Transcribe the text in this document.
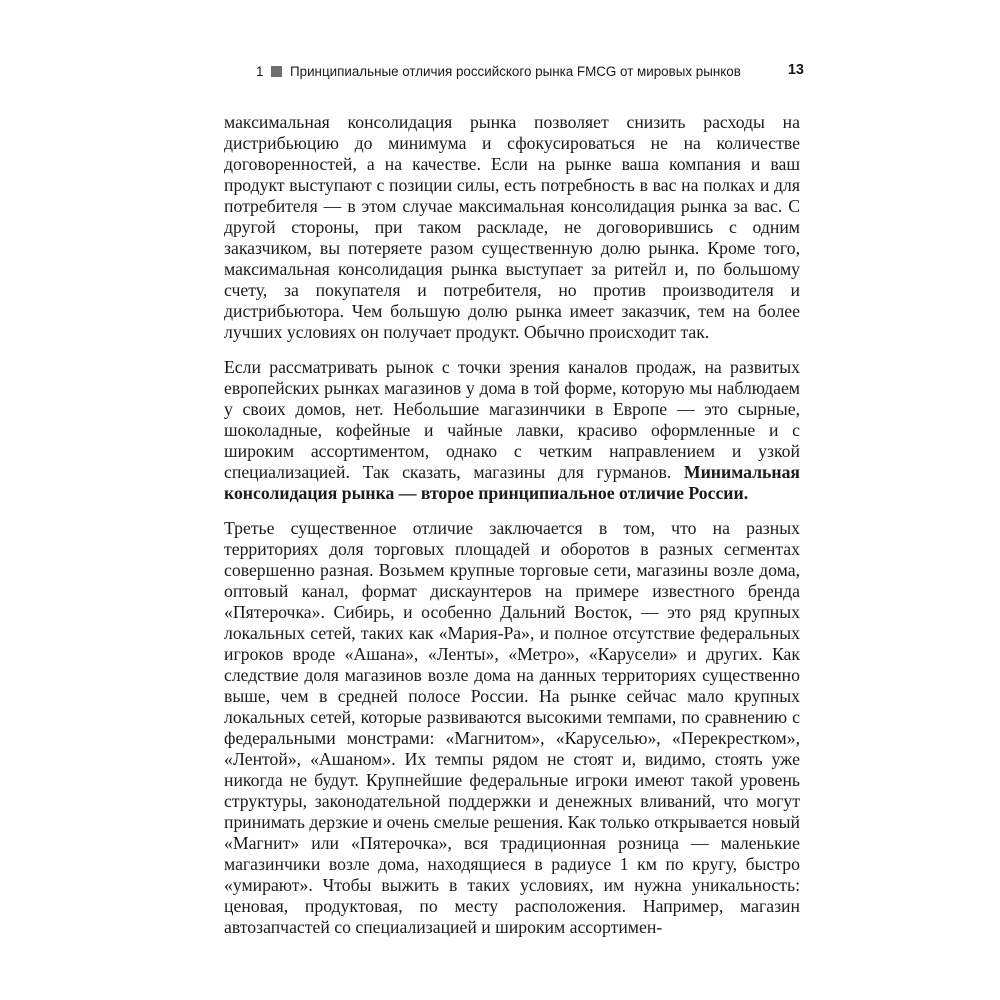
1 Принципиальные отличия российского рынка FMCG от мировых рынков	13

максимальная консолидация рынка позволяет снизить расходы на дистрибьюцию до минимума и сфокусироваться не на количестве договоренностей, а на качестве. Если на рынке ваша компания и ваш продукт выступают с позиции силы, есть потребность в вас на полках и для потребителя — в этом случае максимальная консолидация рынка за вас. С другой стороны, при таком раскладе, не договорившись с одним заказчиком, вы потеряете разом существенную долю рынка. Кроме того, максимальная консолидация рынка выступает за ритейл и, по большому счету, за покупателя и потребителя, но против производителя и дистрибьютора. Чем большую долю рынка имеет заказчик, тем на более лучших условиях он получает продукт. Обычно происходит так.

Если рассматривать рынок с точки зрения каналов продаж, на развитых европейских рынках магазинов у дома в той форме, которую мы наблюдаем у своих домов, нет. Небольшие магазинчики в Европе — это сырные, шоколадные, кофейные и чайные лавки, красиво оформленные и с широким ассортиментом, однако с четким направлением и узкой специализацией. Так сказать, магазины для гурманов. Минимальная консолидация рынка — второе принципиальное отличие России.

Третье существенное отличие заключается в том, что на разных территориях доля торговых площадей и оборотов в разных сегментах совершенно разная. Возьмем крупные торговые сети, магазины возле дома, оптовый канал, формат дискаунтеров на примере известного бренда «Пятерочка». Сибирь, и особенно Дальний Восток, — это ряд крупных локальных сетей, таких как «Мария-Ра», и полное отсутствие федеральных игроков вроде «Ашана», «Ленты», «Метро», «Карусели» и других. Как следствие доля магазинов возле дома на данных территориях существенно выше, чем в средней полосе России. На рынке сейчас мало крупных локальных сетей, которые развиваются высокими темпами, по сравнению с федеральными монстрами: «Магнитом», «Каруселью», «Перекрестком», «Лентой», «Ашаном». Их темпы рядом не стоят и, видимо, стоять уже никогда не будут. Крупнейшие федеральные игроки имеют такой уровень структуры, законодательной поддержки и денежных вливаний, что могут принимать дерзкие и очень смелые решения. Как только открывается новый «Магнит» или «Пятерочка», вся традиционная розница — маленькие магазинчики возле дома, находящиеся в радиусе 1 км по кругу, быстро «умирают». Чтобы выжить в таких условиях, им нужна уникальность: ценовая, продуктовая, по месту расположения. Например, магазин автозапчастей со специализацией и широким ассортимен-
